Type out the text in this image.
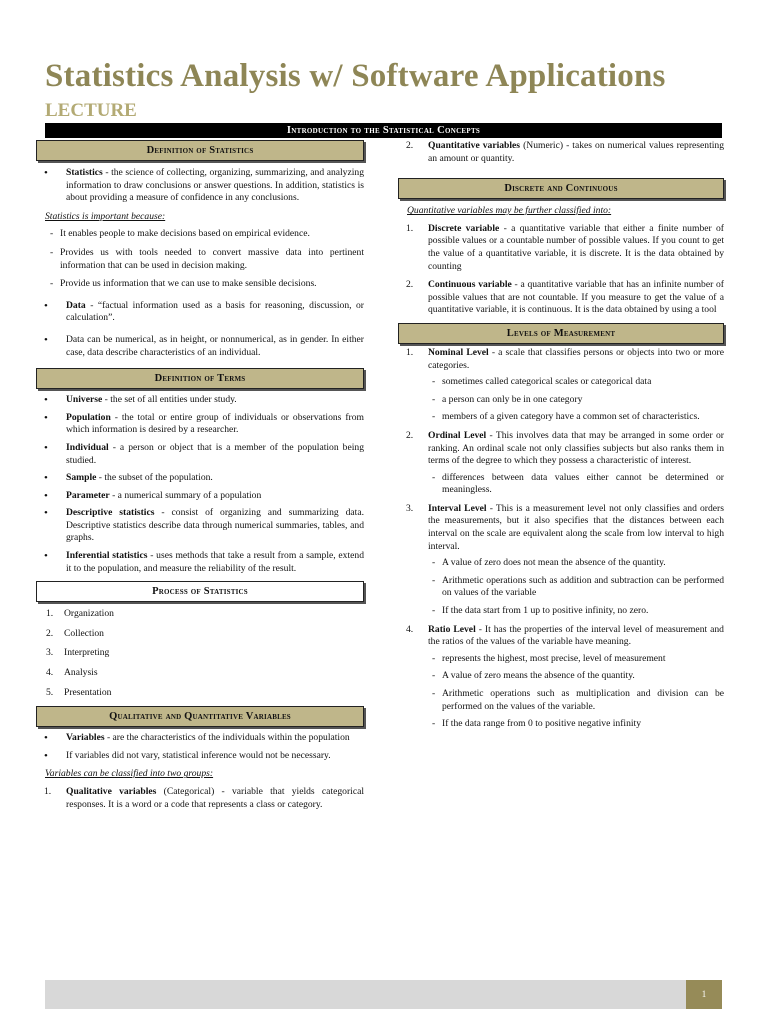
Statistics Analysis w/ Software Applications
LECTURE
Introduction to the Statistical Concepts
Definition of Statistics
• Statistics - the science of collecting, organizing, summarizing, and analyzing information to draw conclusions or answer questions. In addition, statistics is about providing a measure of confidence in any conclusions.

Statistics is important because:

- It enables people to make decisions based on empirical evidence.
- Provides us with tools needed to convert massive data into pertinent information that can be used in decision making.
- Provide us information that we can use to make sensible decisions.
• Data - “factual information used as a basis for reasoning, discussion, or calculation”.
• Data can be numerical, as in height, or nonnumerical, as in gender. In either case, data describe characteristics of an individual.
Definition of Terms
• Universe - the set of all entities under study.
• Population - the total or entire group of individuals or observations from which information is desired by a researcher.
• Individual - a person or object that is a member of the population being studied.
• Sample - the subset of the population.
• Parameter - a numerical summary of a population
• Descriptive statistics - consist of organizing and summarizing data. Descriptive statistics describe data through numerical summaries, tables, and graphs.
• Inferential statistics - uses methods that take a result from a sample, extend it to the population, and measure the reliability of the result.
Process of Statistics
1. Organization
2. Collection
3. Interpreting
4. Analysis
5. Presentation
Qualitative and Quantitative Variables
• Variables - are the characteristics of the individuals within the population
• If variables did not vary, statistical inference would not be necessary.

Variables can be classified into two groups:

1. Qualitative variables (Categorical) - variable that yields categorical responses. It is a word or a code that represents a class or category.
2. Quantitative variables (Numeric) - takes on numerical values representing an amount or quantity.
Discrete and Continuous

Quantitative variables may be further classified into:

1. Discrete variable - a quantitative variable that either a finite number of possible values or a countable number of possible values. If you count to get the value of a quantitative variable, it is discrete. It is the data obtained by counting
2. Continuous variable - a quantitative variable that has an infinite number of possible values that are not countable. If you measure to get the value of a quantitative variable, it is continuous. It is the data obtained by using a tool
Levels of Measurement
1. Nominal Level - a scale that classifies persons or objects into two or more categories.
- sometimes called categorical scales or categorical data
- a person can only be in one category
- members of a given category have a common set of characteristics.
2. Ordinal Level - This involves data that may be arranged in some order or ranking. An ordinal scale not only classifies subjects but also ranks them in terms of the degree to which they possess a characteristic of interest.
- differences between data values either cannot be determined or meaningless.
3. Interval Level - This is a measurement level not only classifies and orders the measurements, but it also specifies that the distances between each interval on the scale are equivalent along the scale from low interval to high interval.
- A value of zero does not mean the absence of the quantity.
- Arithmetic operations such as addition and subtraction can be performed on values of the variable
- If the data start from 1 up to positive infinity, no zero.
4. Ratio Level - It has the properties of the interval level of measurement and the ratios of the values of the variable have meaning.
- represents the highest, most precise, level of measurement
- A value of zero means the absence of the quantity.
- Arithmetic operations such as multiplication and division can be performed on the values of the variable.
- If the data range from 0 to positive negative infinity
1
